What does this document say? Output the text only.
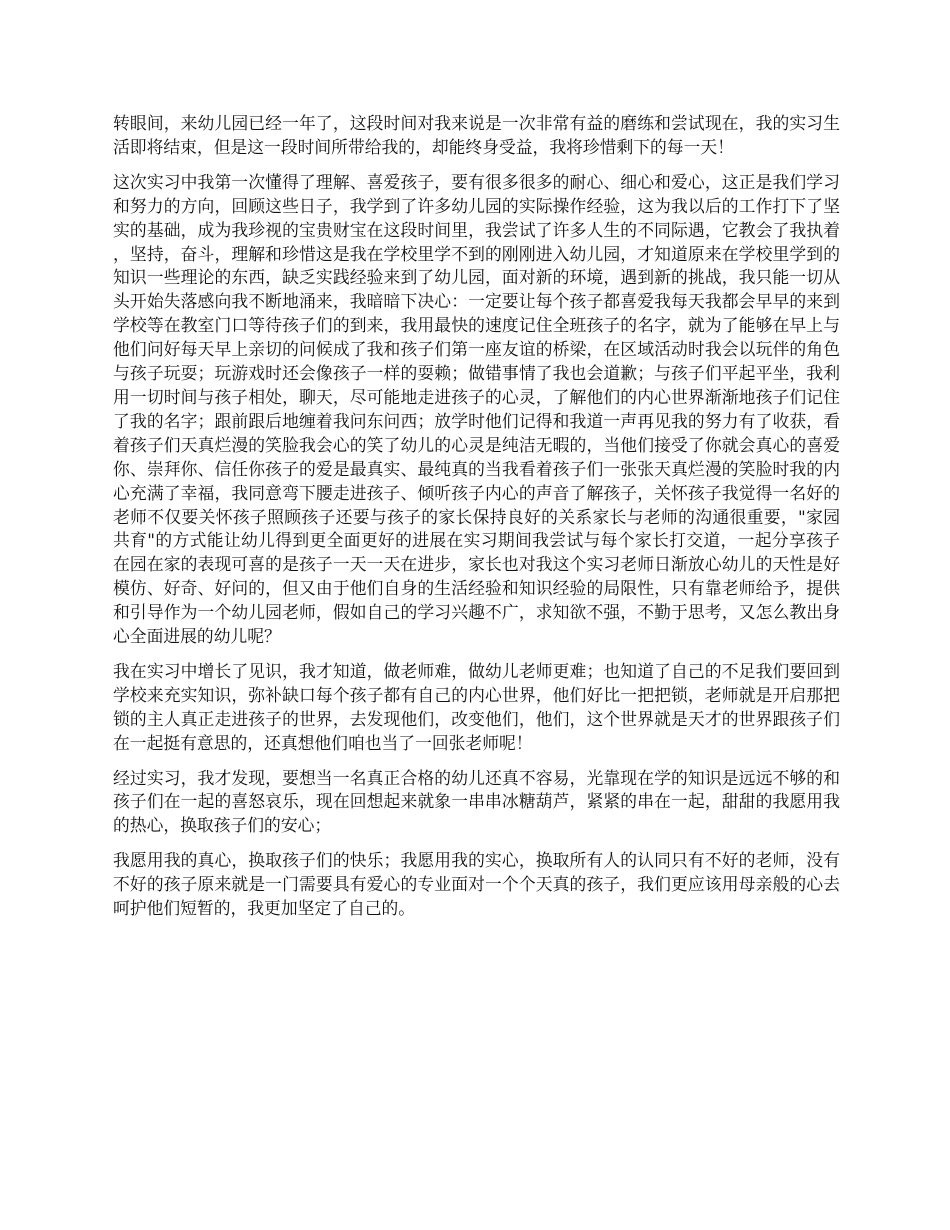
转眼间，来幼儿园已经一年了，这段时间对我来说是一次非常有益的磨练和尝试现在，我的实习生活即将结束，但是这一段时间所带给我的，却能终身受益，我将珍惜剩下的每一天！

这次实习中我第一次懂得了理解、喜爱孩子，要有很多很多的耐心、细心和爱心，这正是我们学习和努力的方向，回顾这些日子，我学到了许多幼儿园的实际操作经验，这为我以后的工作打下了坚实的基础，成为我珍视的宝贵财宝在这段时间里，我尝试了许多人生的不同际遇，它教会了我执着，坚持，奋斗，理解和珍惜这是我在学校里学不到的刚刚进入幼儿园，才知道原来在学校里学到的知识一些理论的东西，缺乏实践经验来到了幼儿园，面对新的环境，遇到新的挑战，我只能一切从头开始失落感向我不断地涌来，我暗暗下决心：一定要让每个孩子都喜爱我每天我都会早早的来到学校等在教室门口等待孩子们的到来，我用最快的速度记住全班孩子的名字，就为了能够在早上与他们问好每天早上亲切的问候成了我和孩子们第一座友谊的桥梁，在区域活动时我会以玩伴的角色与孩子玩耍；玩游戏时还会像孩子一样的耍赖；做错事情了我也会道歉；与孩子们平起平坐，我利用一切时间与孩子相处，聊天，尽可能地走进孩子的心灵，了解他们的内心世界渐渐地孩子们记住了我的名字；跟前跟后地缠着我问东问西；放学时他们记得和我道一声再见我的努力有了收获，看着孩子们天真烂漫的笑脸我会心的笑了幼儿的心灵是纯洁无暇的，当他们接受了你就会真心的喜爱你、崇拜你、信任你孩子的爱是最真实、最纯真的当我看着孩子们一张张天真烂漫的笑脸时我的内心充满了幸福，我同意弯下腰走进孩子、倾听孩子内心的声音了解孩子，关怀孩子我觉得一名好的老师不仅要关怀孩子照顾孩子还要与孩子的家长保持良好的关系家长与老师的沟通很重要，"家园共育"的方式能让幼儿得到更全面更好的进展在实习期间我尝试与每个家长打交道，一起分享孩子在园在家的表现可喜的是孩子一天一天在进步，家长也对我这个实习老师日渐放心幼儿的天性是好模仿、好奇、好问的，但又由于他们自身的生活经验和知识经验的局限性，只有靠老师给予，提供和引导作为一个幼儿园老师，假如自己的学习兴趣不广，求知欲不强，不勤于思考，又怎么教出身心全面进展的幼儿呢？

我在实习中增长了见识，我才知道，做老师难，做幼儿老师更难；也知道了自己的不足我们要回到学校来充实知识，弥补缺口每个孩子都有自己的内心世界，他们好比一把把锁，老师就是开启那把锁的主人真正走进孩子的世界，去发现他们，改变他们，他们，这个世界就是天才的世界跟孩子们在一起挺有意思的，还真想他们咱也当了一回张老师呢！

经过实习，我才发现，要想当一名真正合格的幼儿还真不容易，光靠现在学的知识是远远不够的和孩子们在一起的喜怒哀乐，现在回想起来就象一串串冰糖葫芦，紧紧的串在一起，甜甜的我愿用我的热心，换取孩子们的安心；

我愿用我的真心，换取孩子们的快乐；我愿用我的实心，换取所有人的认同只有不好的老师，没有不好的孩子原来就是一门需要具有爱心的专业面对一个个天真的孩子，我们更应该用母亲般的心去呵护他们短暂的，我更加坚定了自己的。
